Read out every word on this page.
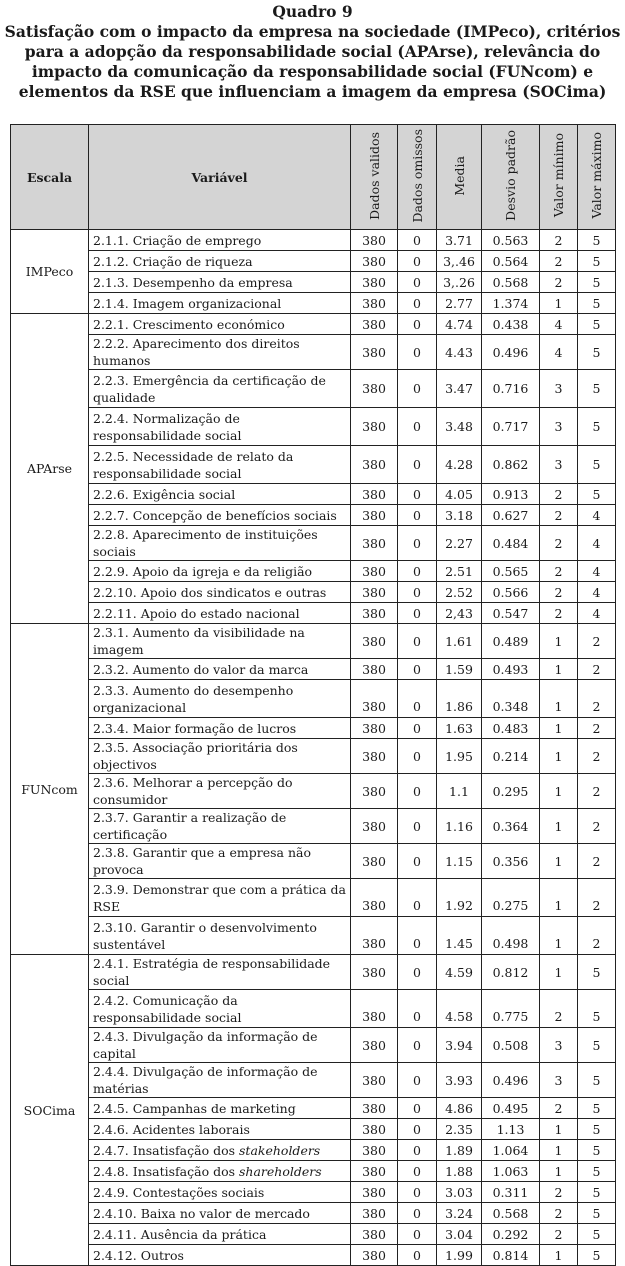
Quadro 9
Satisfação com o impacto da empresa na sociedade (IMPeco), critérios para a adopção da responsabilidade social (APArse), relevância do impacto da comunicação da responsabilidade social (FUNcom) e elementos da RSE que influenciam a imagem da empresa (SOCima)
Escala	Variável	Dados validos	Dados omissos	Media	Desvio padrão	Valor mínimo	Valor máximo
IMPeco	2.1.1. Criação de emprego	380	0	3.71	0.563	2	5
	2.1.2. Criação de riqueza	380	0	3,.46	0.564	2	5
	2.1.3. Desempenho da empresa	380	0	3,.26	0.568	2	5
	2.1.4. Imagem organizacional	380	0	2.77	1.374	1	5
APArse	2.2.1. Crescimento económico	380	0	4.74	0.438	4	5
	2.2.2. Aparecimento dos direitos humanos	380	0	4.43	0.496	4	5
	2.2.3. Emergência da certificação de qualidade	380	0	3.47	0.716	3	5
	2.2.4. Normalização de responsabilidade social	380	0	3.48	0.717	3	5
	2.2.5. Necessidade de relato da responsabilidade social	380	0	4.28	0.862	3	5
	2.2.6. Exigência social	380	0	4.05	0.913	2	5
	2.2.7. Concepção de benefícios sociais	380	0	3.18	0.627	2	4
	2.2.8. Aparecimento de instituições sociais	380	0	2.27	0.484	2	4
	2.2.9. Apoio da igreja e da religião	380	0	2.51	0.565	2	4
	2.2.10. Apoio dos sindicatos e outras	380	0	2.52	0.566	2	4
	2.2.11. Apoio do estado nacional	380	0	2,43	0.547	2	4
FUNcom	2.3.1. Aumento da visibilidade na imagem	380	0	1.61	0.489	1	2
	2.3.2. Aumento do valor da marca	380	0	1.59	0.493	1	2
	2.3.3. Aumento do desempenho organizacional	380	0	1.86	0.348	1	2
	2.3.4. Maior formação de lucros	380	0	1.63	0.483	1	2
	2.3.5. Associação prioritária dos objectivos	380	0	1.95	0.214	1	2
	2.3.6. Melhorar a percepção do consumidor	380	0	1.1	0.295	1	2
	2.3.7. Garantir a realização de certificação	380	0	1.16	0.364	1	2
	2.3.8. Garantir que a empresa não provoca	380	0	1.15	0.356	1	2
	2.3.9. Demonstrar que com a prática da RSE	380	0	1.92	0.275	1	2
	2.3.10. Garantir o desenvolvimento sustentável	380	0	1.45	0.498	1	2
SOCima	2.4.1. Estratégia de responsabilidade social	380	0	4.59	0.812	1	5
	2.4.2. Comunicação da responsabilidade social	380	0	4.58	0.775	2	5
	2.4.3. Divulgação da informação de capital	380	0	3.94	0.508	3	5
	2.4.4. Divulgação de informação de matérias	380	0	3.93	0.496	3	5
	2.4.5. Campanhas de marketing	380	0	4.86	0.495	2	5
	2.4.6. Acidentes laborais	380	0	2.35	1.13	1	5
	2.4.7. Insatisfação dos stakeholders	380	0	1.89	1.064	1	5
	2.4.8. Insatisfação dos shareholders	380	0	1.88	1.063	1	5
	2.4.9. Contestações sociais	380	0	3.03	0.311	2	5
	2.4.10. Baixa no valor de mercado	380	0	3.24	0.568	2	5
	2.4.11. Ausência da prática	380	0	3.04	0.292	2	5
	2.4.12. Outros	380	0	1.99	0.814	1	5
